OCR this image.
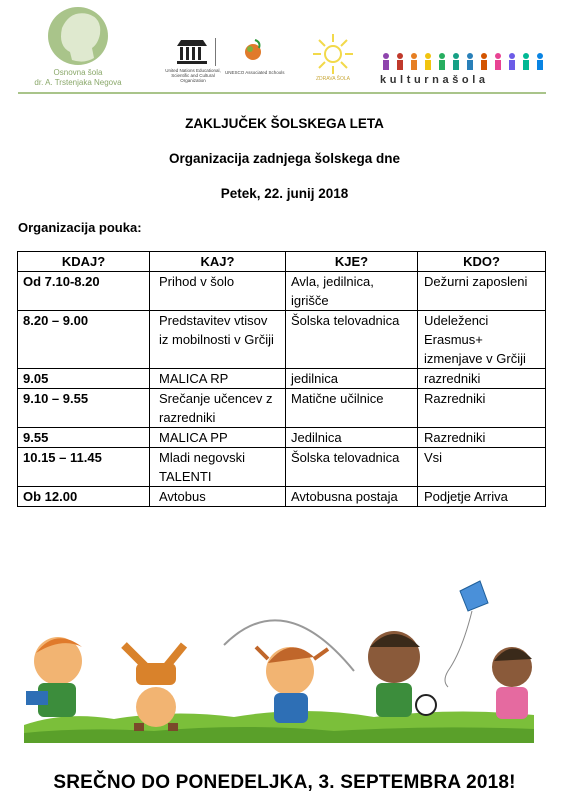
Osnovna šola
dr. A. Trstenjaka Negova
United Nations Educational, Scientific and Cultural Organization
UNESCO Associated Schools
ZDRAVA ŠOLA	kulturnašola
ZAKLJUČEK ŠOLSKEGA LETA
Organizacija zadnjega šolskega dne
Petek, 22. junij 2018
Organizacija pouka:
KDAJ?	KAJ?	KJE?	KDO?
Od 7.10-8.20	Prihod v šolo	Avla, jedilnica, igrišče	Dežurni zaposleni
8.20 – 9.00	Predstavitev vtisov iz mobilnosti v Grčiji	Šolska telovadnica	Udeleženci Erasmus+ izmenjave v Grčiji
9.05	MALICA RP	jedilnica	razredniki
9.10 – 9.55	Srečanje učencev z razredniki	Matične učilnice	Razredniki
9.55	MALICA PP	Jedilnica	Razredniki
10.15 – 11.45	Mladi negovski TALENTI	Šolska telovadnica	Vsi
Ob 12.00	Avtobus	Avtobusna postaja	Podjetje Arriva
SREČNO DO PONEDELJKA, 3. SEPTEMBRA 2018!
